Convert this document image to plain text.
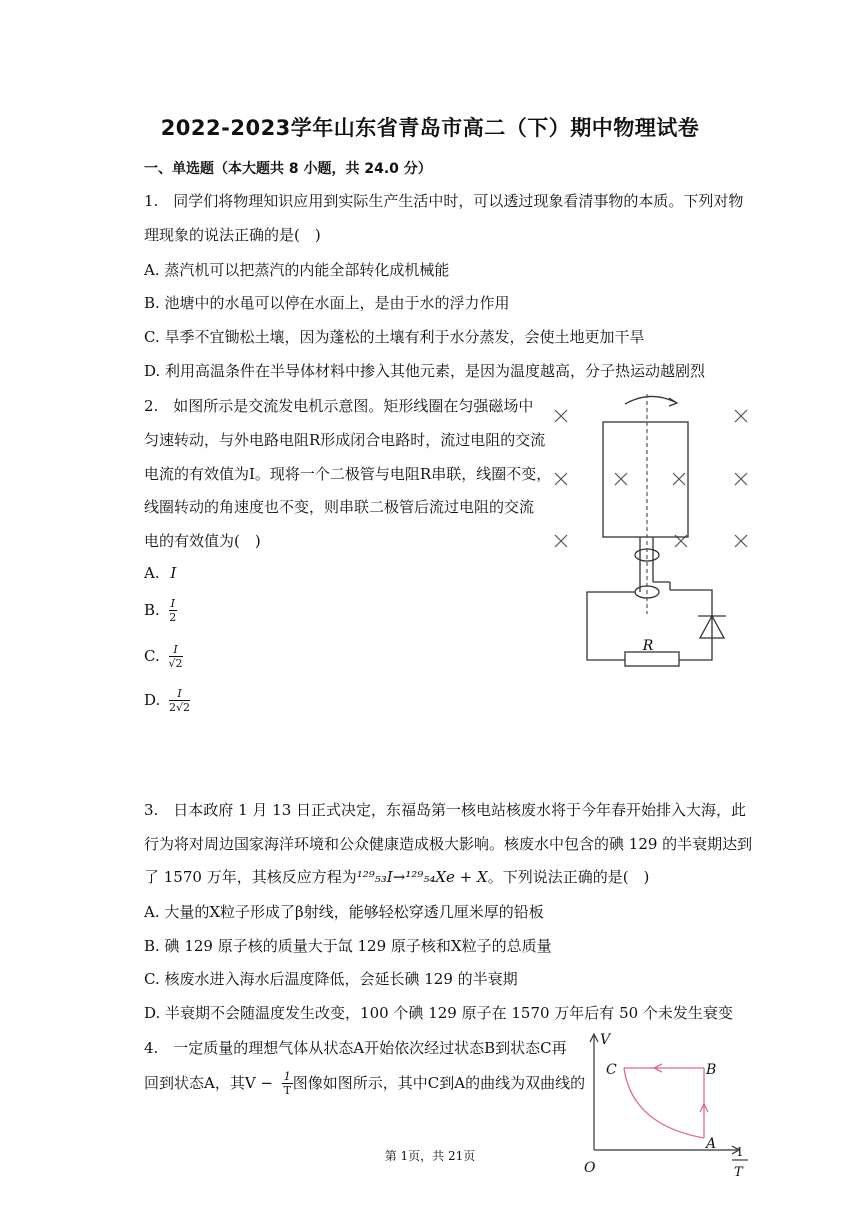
2022-2023学年山东省青岛市高二（下）期中物理试卷
一、单选题（本大题共 8 小题，共 24.0 分）
1.　同学们将物理知识应用到实际生产生活中时，可以透过现象看清事物的本质。下列对物
理现象的说法正确的是(　)
A. 蒸汽机可以把蒸汽的内能全部转化成机械能
B. 池塘中的水黾可以停在水面上，是由于水的浮力作用
C. 旱季不宜锄松土壤，因为蓬松的土壤有利于水分蒸发，会使土地更加干旱
D. 利用高温条件在半导体材料中掺入其他元素，是因为温度越高，分子热运动越剧烈
2.　如图所示是交流发电机示意图。矩形线圈在匀强磁场中
匀速转动，与外电路电阻R形成闭合电路时，流过电阻的交流
电流的有效值为I。现将一个二极管与电阻R串联，线圈不变，
线圈转动的角速度也不变，则串联二极管后流过电阻的交流
电的有效值为(　)
A. I
B. $\frac{I}{2}$
C. $\frac{I}{√2}$
D. $\frac{I}{2√2}$
R
3.　日本政府 1 月 13 日正式决定，东福岛第一核电站核废水将于今年春开始排入大海，此
行为将对周边国家海洋环境和公众健康造成极大影响。核废水中包含的碘 129 的半衰期达到
了 1570 万年，其核反应方程为¹²⁹₅₃I→¹²⁹₅₄Xe + X。下列说法正确的是(　)
A. 大量的X粒子形成了β射线，能够轻松穿透几厘米厚的铅板
B. 碘 129 原子核的质量大于氙 129 原子核和X粒子的总质量
C. 核废水进入海水后温度降低，会延长碘 129 的半衰期
D. 半衰期不会随温度发生改变，100 个碘 129 原子在 1570 万年后有 50 个未发生衰变
4.　一定质量的理想气体从状态A开始依次经过状态B到状态C再
回到状态A，其$V - \frac{1}{T}$ 图像如图所示，其中C到A的曲线为双曲线的
V
C	B
A
O
1
T
第 1页，共 21页
